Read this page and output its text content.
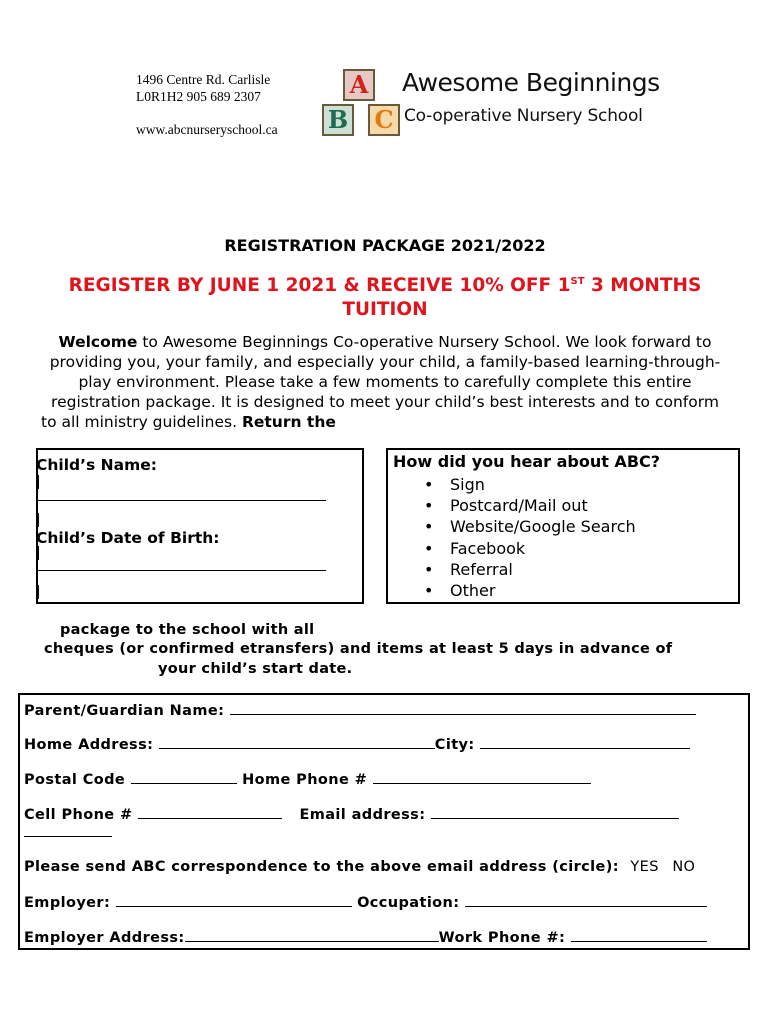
1496 Centre Rd. Carlisle
L0R1H2 905 689 2307
www.abcnurseryschool.ca
A
B C
Awesome Beginnings
Co-operative Nursery School
REGISTRATION PACKAGE 2021/2022
REGISTER BY JUNE 1 2021 & RECEIVE 10% OFF 1ST 3 MONTHS
TUITION
Welcome to Awesome Beginnings Co-operative Nursery School. We look forward to
providing you, your family, and especially your child, a family-based learning-through-
play environment. Please take a few moments to carefully complete this entire
registration package. It is designed to meet your child’s best interests and to conform
to all ministry guidelines. Return the
Child’s Name:
Child’s Date of Birth:
How did you hear about ABC?
• Sign
• Postcard/Mail out
• Website/Google Search
• Facebook
• Referral
• Other
package to the school with all
cheques (or confirmed etransfers) and items at least 5 days in advance of
your child’s start date.
Parent/Guardian Name:
Home Address:	City:
Postal Code	Home Phone #
Cell Phone #	Email address:
Please send ABC correspondence to the above email address (circle): YES NO
Employer:	Occupation:
Employer Address:	Work Phone #:
